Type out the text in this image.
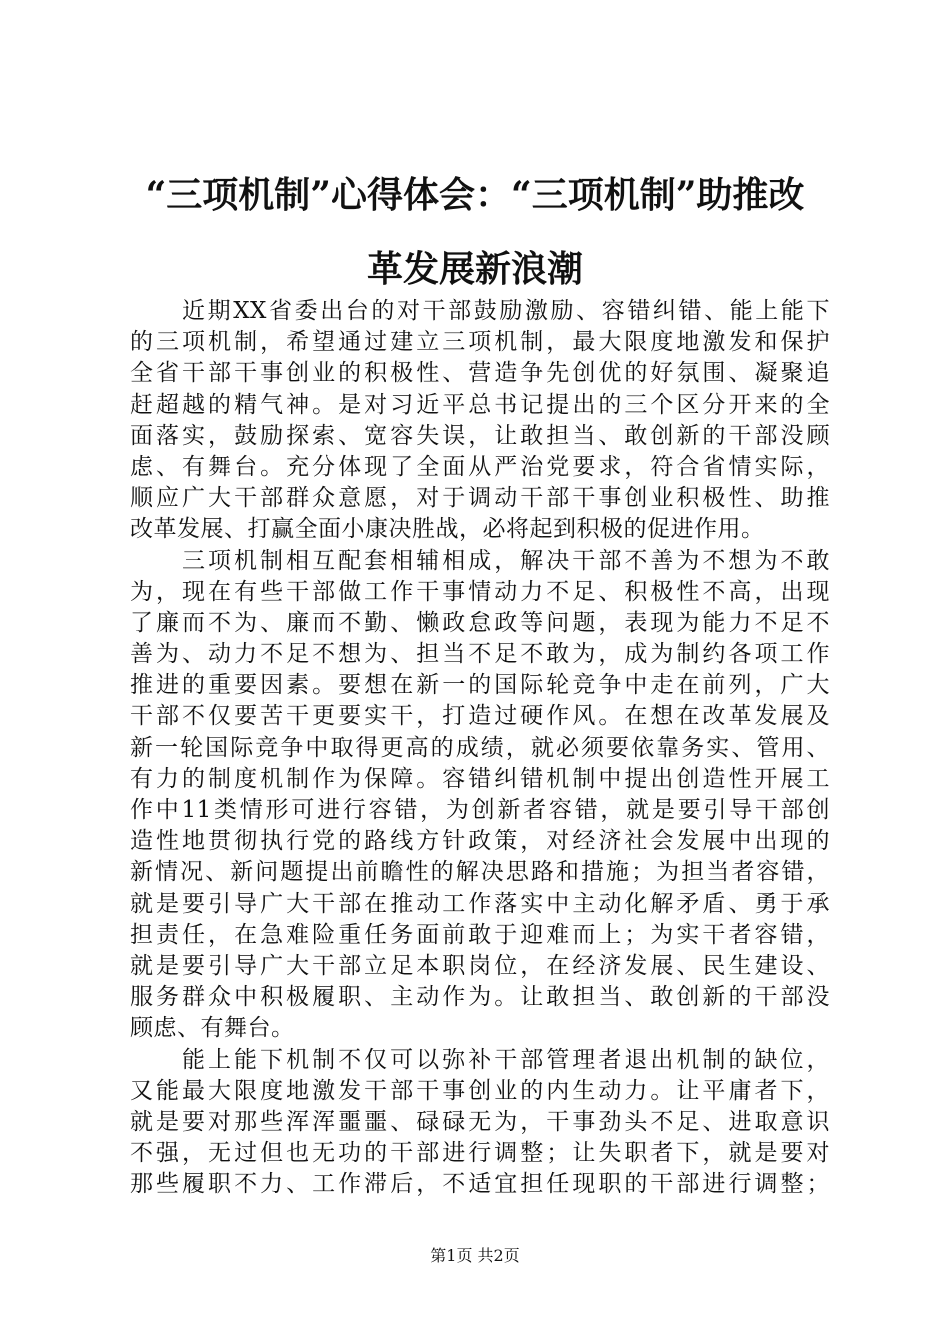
“三项机制”心得体会：“三项机制”助推改
革发展新浪潮
近期XX省委出台的对干部鼓励激励、容错纠错、能上能下
的三项机制，希望通过建立三项机制，最大限度地激发和保护
全省干部干事创业的积极性、营造争先创优的好氛围、凝聚追
赶超越的精气神。是对习近平总书记提出的三个区分开来的全
面落实，鼓励探索、宽容失误，让敢担当、敢创新的干部没顾
虑、有舞台。充分体现了全面从严治党要求，符合省情实际，
顺应广大干部群众意愿，对于调动干部干事创业积极性、助推
改革发展、打赢全面小康决胜战，必将起到积极的促进作用。
三项机制相互配套相辅相成，解决干部不善为不想为不敢
为，现在有些干部做工作干事情动力不足、积极性不高，出现
了廉而不为、廉而不勤、懒政怠政等问题，表现为能力不足不
善为、动力不足不想为、担当不足不敢为，成为制约各项工作
推进的重要因素。要想在新一的国际轮竞争中走在前列，广大
干部不仅要苦干更要实干，打造过硬作风。在想在改革发展及
新一轮国际竞争中取得更高的成绩，就必须要依靠务实、管用、
有力的制度机制作为保障。容错纠错机制中提出创造性开展工
作中11类情形可进行容错，为创新者容错，就是要引导干部创
造性地贯彻执行党的路线方针政策，对经济社会发展中出现的
新情况、新问题提出前瞻性的解决思路和措施；为担当者容错，
就是要引导广大干部在推动工作落实中主动化解矛盾、勇于承
担责任，在急难险重任务面前敢于迎难而上；为实干者容错，
就是要引导广大干部立足本职岗位，在经济发展、民生建设、
服务群众中积极履职、主动作为。让敢担当、敢创新的干部没
顾虑、有舞台。
能上能下机制不仅可以弥补干部管理者退出机制的缺位，
又能最大限度地激发干部干事创业的内生动力。让平庸者下，
就是要对那些浑浑噩噩、碌碌无为，干事劲头不足、进取意识
不强，无过但也无功的干部进行调整；让失职者下，就是要对
那些履职不力、工作滞后，不适宜担任现职的干部进行调整；
第1页 共2页
